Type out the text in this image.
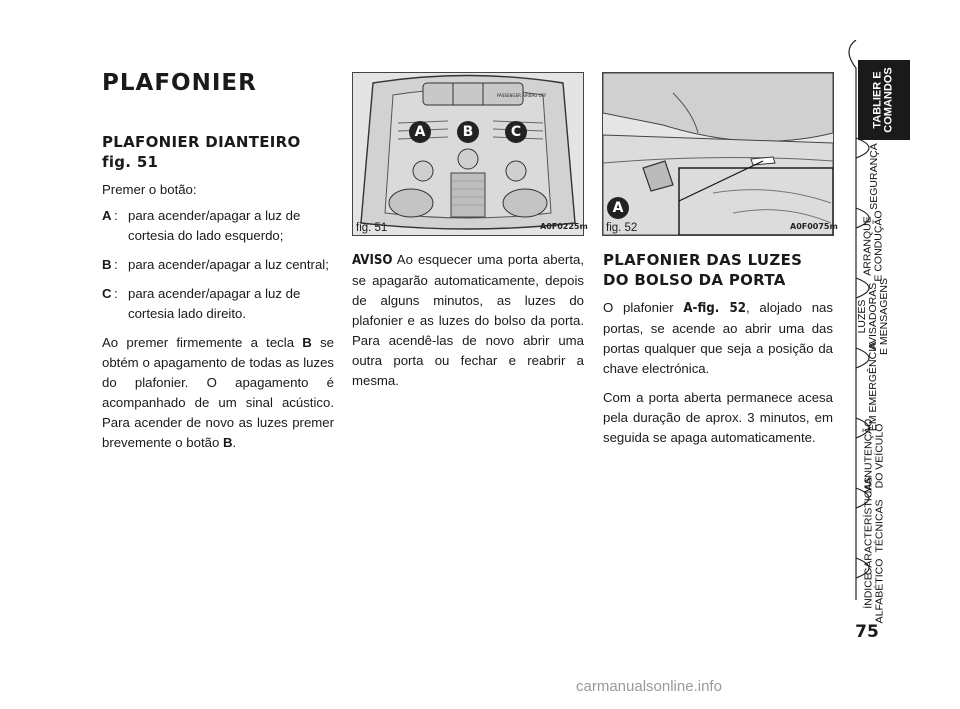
PLAFONIER
PLAFONIER DIANTEIRO
fig. 51
Premer o botão:
A : para acender/apagar a luz de cortesia do lado esquerdo;
B : para acender/apagar a luz central;
C : para acender/apagar a luz de cortesia lado direito.
Ao premer firmemente a tecla B se obtém o apagamento de todas as luzes do plafonier. O apagamento é acompanhado de um sinal acústico. Para acender de novo as luzes premer brevemente o botão B.
PASSENGER AIRBAG OFF
A	B	C
fig. 51	A0F0225m
AVISO Ao esquecer uma porta aberta, se apagarão automaticamente, depois de alguns minutos, as luzes do plafonier e as luzes do bolso da porta. Para acendê-las de novo abrir uma outra porta ou fechar e reabrir a mesma.
A
fig. 52	A0F0075m
PLAFONIER DAS LUZES
DO BOLSO DA PORTA
O plafonier A-fig. 52, alojado nas portas, se acende ao abrir uma das portas qualquer que seja a posição da chave electrónica.
Com a porta aberta permanece acesa pela duração de aprox. 3 minutos, em seguida se apaga automaticamente.
TABLIER E
COMANDOS
SEGURANÇA
ARRANQUE
E CONDUÇÃO
LUZES
AVISADORAS
E MENSAGENS
EM EMERGÊNCIA
MANUTENÇÃO
DO VEÍCULO
CARACTERÍSTICAS
TÉCNICAS
ÍNDICE
ALFABÉTICO
75
carmanualsonline.info
